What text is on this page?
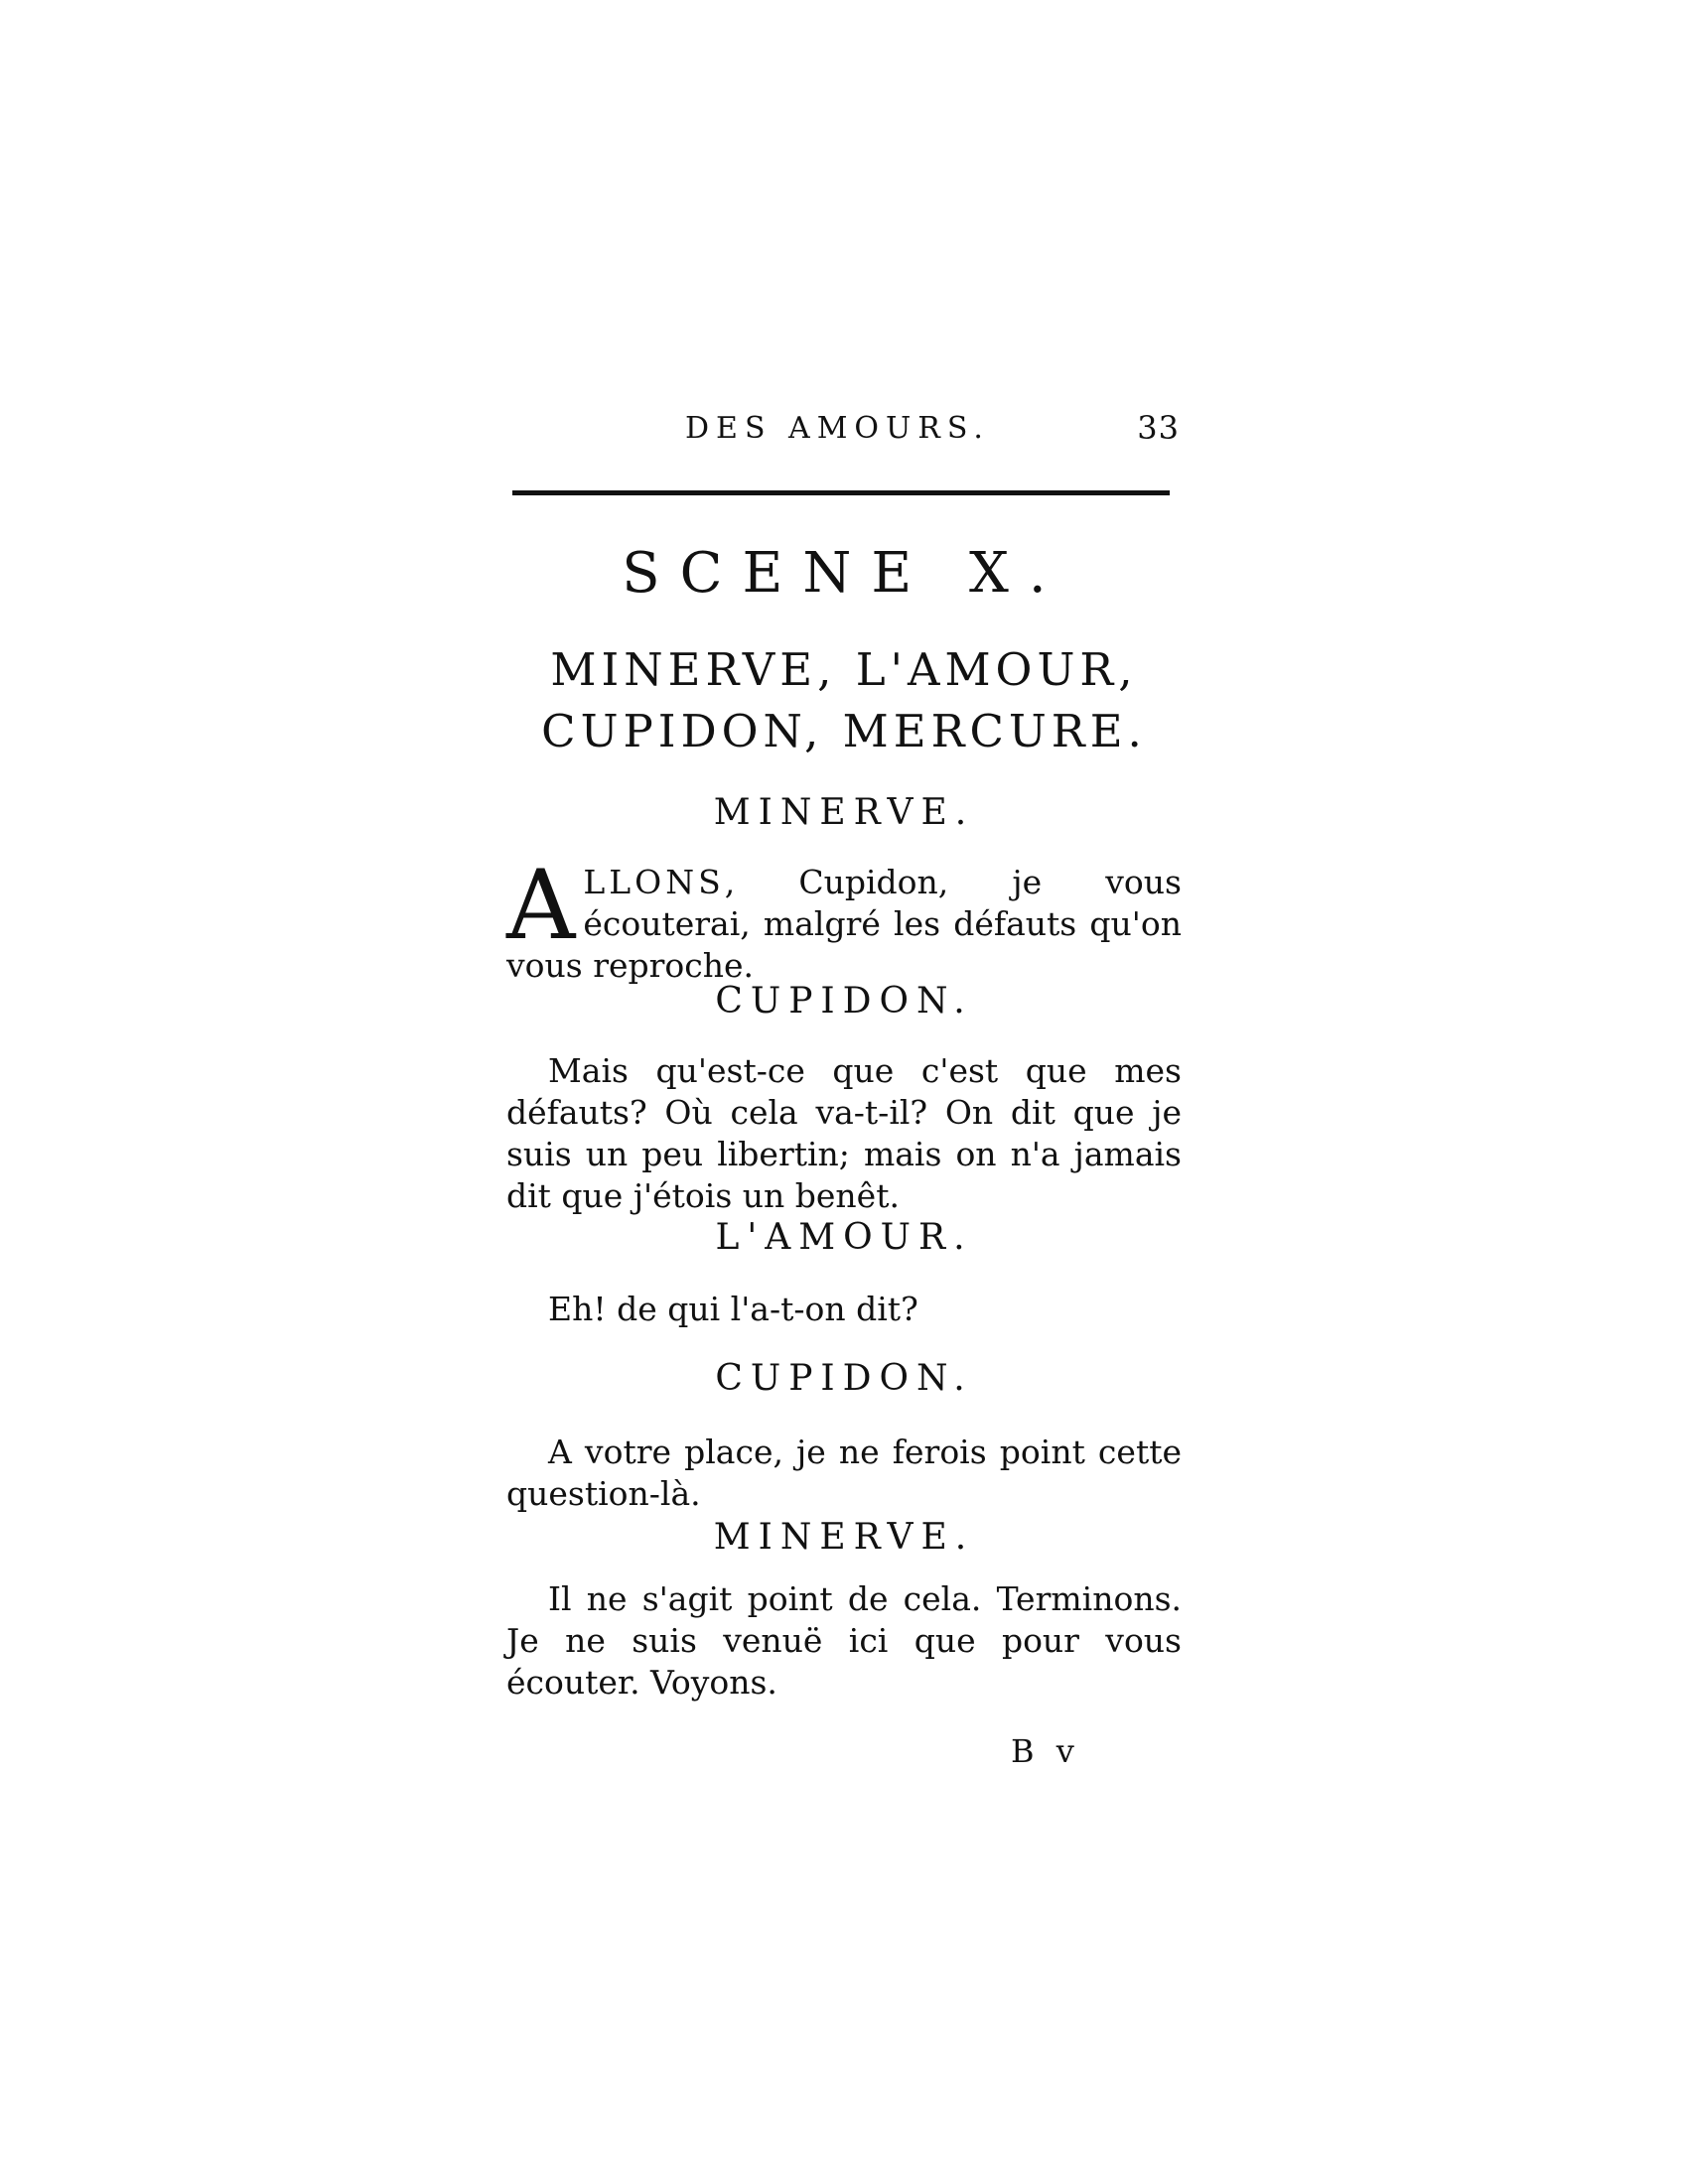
DES AMOURS.	33
SCENE X.
MINERVE, L'AMOUR,
CUPIDON, MERCURE.
MINERVE.

ALLONS, Cupidon, je vous écouterai, malgré les défauts qu'on vous reproche.

CUPIDON.

Mais qu'est-ce que c'est que mes défauts? Où cela va-t-il? On dit que je suis un peu libertin; mais on n'a jamais dit que j'étois un benêt.

L'AMOUR.

Eh! de qui l'a-t-on dit?

CUPIDON.

A votre place, je ne ferois point cette question-là.

MINERVE.

Il ne s'agit point de cela. Terminons. Je ne suis venuë ici que pour vous écouter. Voyons.

B v
